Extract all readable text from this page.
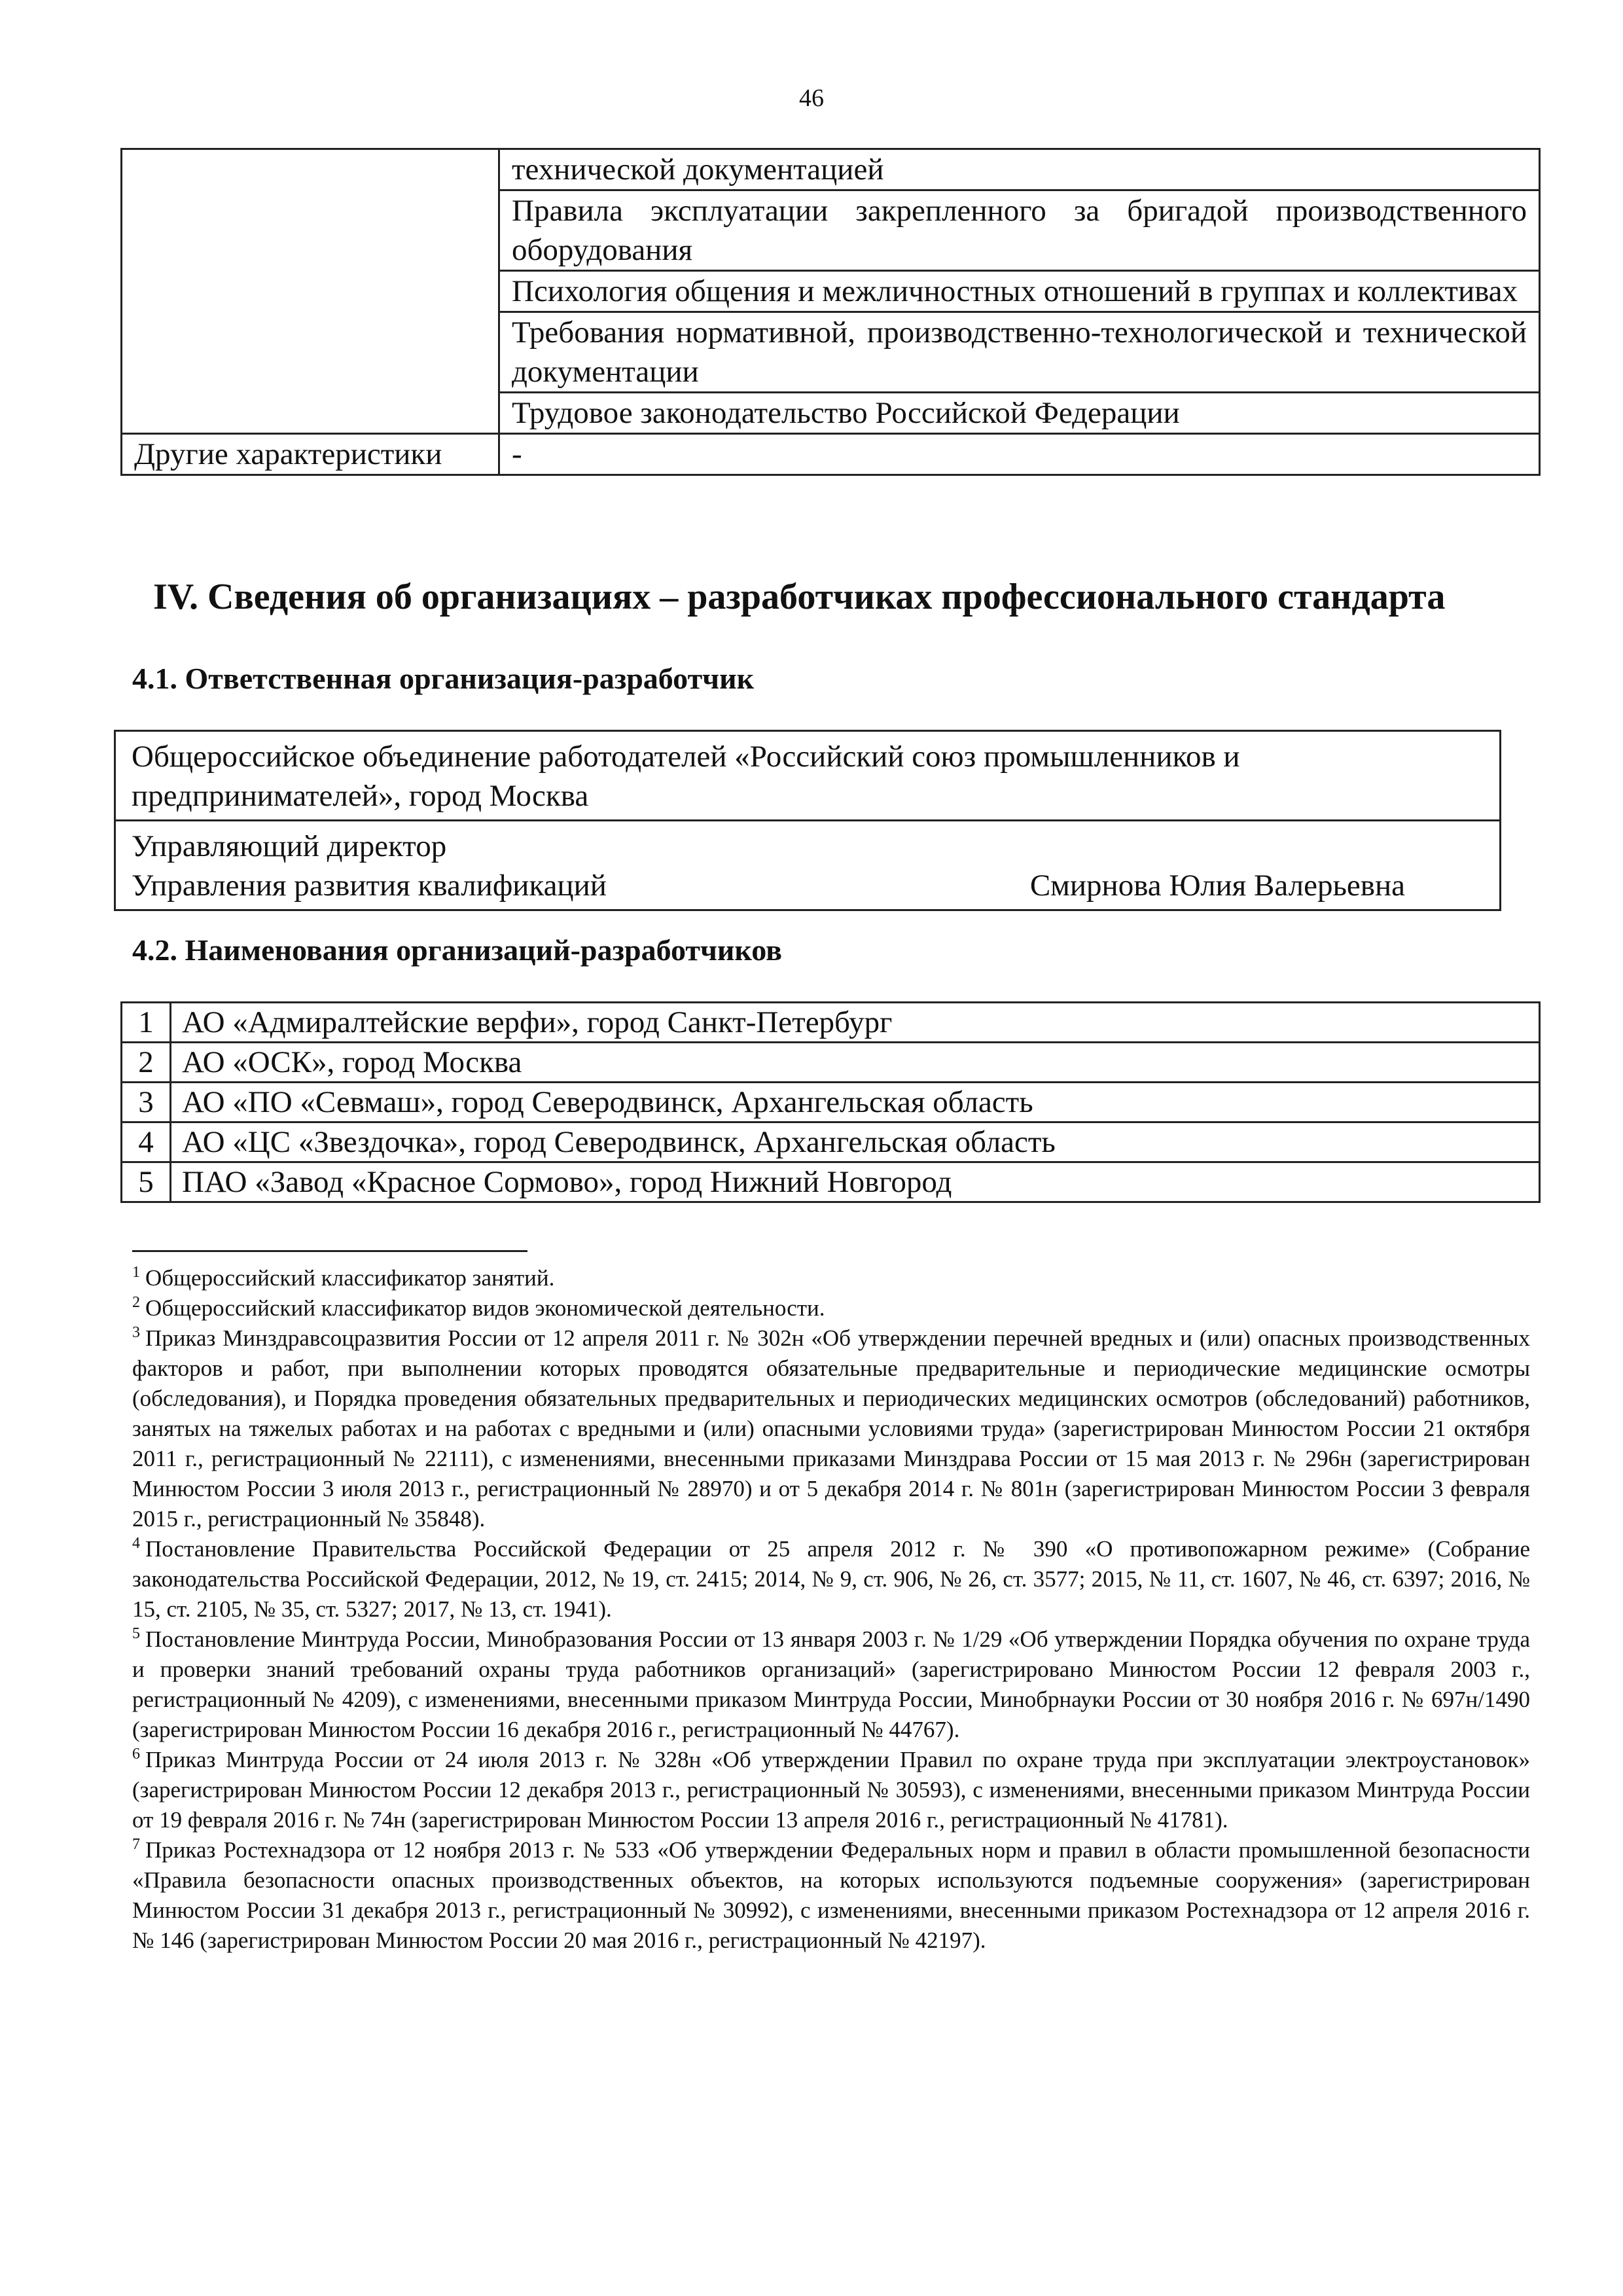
46
	технической документацией
	Правила эксплуатации закрепленного за бригадой производственного оборудования
	Психология общения и межличностных отношений в группах и коллективах
	Требования нормативной, производственно-технологической и технической документации
	Трудовое законодательство Российской Федерации
Другие характеристики	-
IV. Сведения об организациях – разработчиках профессионального стандарта
4.1. Ответственная организация-разработчик
Общероссийское объединение работодателей «Российский союз промышленников и предпринимателей», город Москва

Управляющий директор
Управления развития квалификаций	Смирнова Юлия Валерьевна
4.2. Наименования организаций-разработчиков
1	АО «Адмиралтейские верфи», город Санкт-Петербург
2	АО «ОСК», город Москва
3	АО «ПО «Севмаш», город Северодвинск, Архангельская область
4	АО «ЦС «Звездочка», город Северодвинск, Архангельская область
5	ПАО «Завод «Красное Сормово», город Нижний Новгород

$^1$ Общероссийский классификатор занятий.

$^2$ Общероссийский классификатор видов экономической деятельности.

$^3$ Приказ Минздравсоцразвития России от 12 апреля 2011 г. № 302н «Об утверждении перечней вредных и (или) опасных производственных факторов и работ, при выполнении которых проводятся обязательные предварительные и периодические медицинские осмотры (обследования), и Порядка проведения обязательных предварительных и периодических медицинских осмотров (обследований) работников, занятых на тяжелых работах и на работах с вредными и (или) опасными условиями труда» (зарегистрирован Минюстом России 21 октября 2011 г., регистрационный № 22111), с изменениями, внесенными приказами Минздрава России от 15 мая 2013 г. № 296н (зарегистрирован Минюстом России 3 июля 2013 г., регистрационный № 28970) и от 5 декабря 2014 г. № 801н (зарегистрирован Минюстом России 3 февраля 2015 г., регистрационный № 35848).

$^4$ Постановление Правительства Российской Федерации от 25 апреля 2012 г. № 390 «О противопожарном режиме» (Собрание законодательства Российской Федерации, 2012, № 19, ст. 2415; 2014, № 9, ст. 906, № 26, ст. 3577; 2015, № 11, ст. 1607, № 46, ст. 6397; 2016, № 15, ст. 2105, № 35, ст. 5327; 2017, № 13, ст. 1941).

$^5$ Постановление Минтруда России, Минобразования России от 13 января 2003 г. № 1/29 «Об утверждении Порядка обучения по охране труда и проверки знаний требований охраны труда работников организаций» (зарегистрировано Минюстом России 12 февраля 2003 г., регистрационный № 4209), с изменениями, внесенными приказом Минтруда России, Минобрнауки России от 30 ноября 2016 г. № 697н/1490 (зарегистрирован Минюстом России 16 декабря 2016 г., регистрационный № 44767).

$^6$ Приказ Минтруда России от 24 июля 2013 г. № 328н «Об утверждении Правил по охране труда при эксплуатации электроустановок» (зарегистрирован Минюстом России 12 декабря 2013 г., регистрационный № 30593), с изменениями, внесенными приказом Минтруда России от 19 февраля 2016 г. № 74н (зарегистрирован Минюстом России 13 апреля 2016 г., регистрационный № 41781).

$^7$ Приказ Ростехнадзора от 12 ноября 2013 г. № 533 «Об утверждении Федеральных норм и правил в области промышленной безопасности «Правила безопасности опасных производственных объектов, на которых используются подъемные сооружения» (зарегистрирован Минюстом России 31 декабря 2013 г., регистрационный № 30992), с изменениями, внесенными приказом Ростехнадзора от 12 апреля 2016 г. № 146 (зарегистрирован Минюстом России 20 мая 2016 г., регистрационный № 42197).
